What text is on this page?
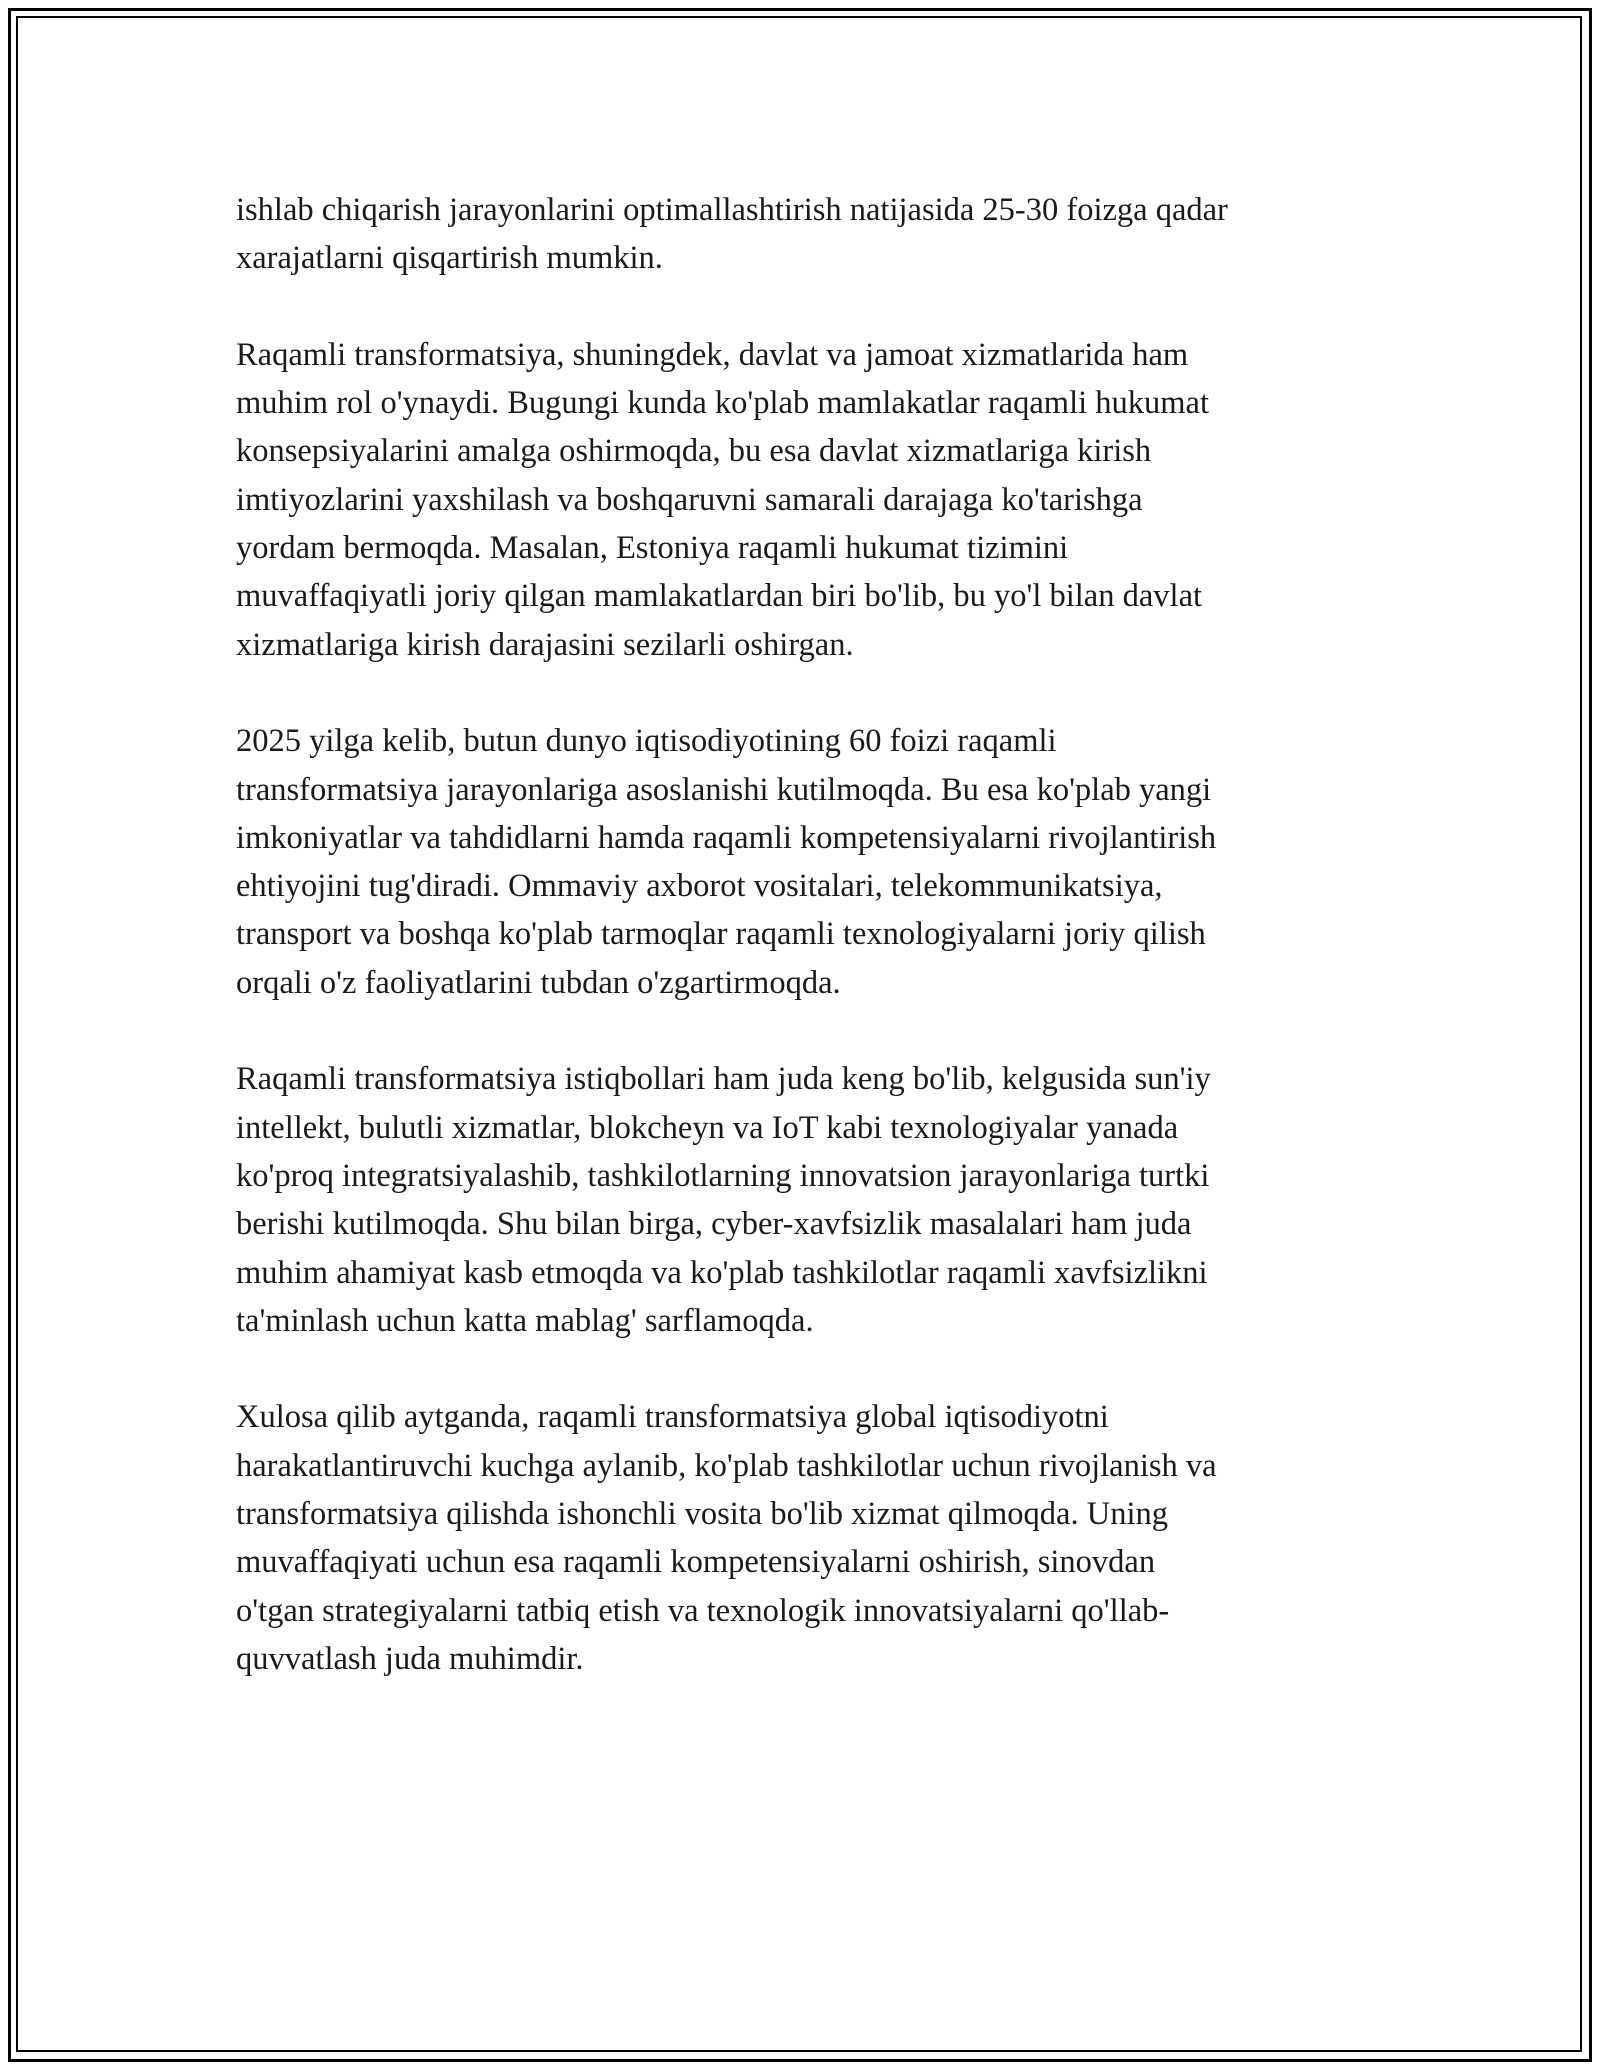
ishlab chiqarish jarayonlarini optimallashtirish natijasida 25-30 foizga qadar
xarajatlarni qisqartirish mumkin.

Raqamli transformatsiya, shuningdek, davlat va jamoat xizmatlarida ham
muhim rol o'ynaydi. Bugungi kunda ko'plab mamlakatlar raqamli hukumat
konsepsiyalarini amalga oshirmoqda, bu esa davlat xizmatlariga kirish
imtiyozlarini yaxshilash va boshqaruvni samarali darajaga ko'tarishga
yordam bermoqda. Masalan, Estoniya raqamli hukumat tizimini
muvaffaqiyatli joriy qilgan mamlakatlardan biri bo'lib, bu yo'l bilan davlat
xizmatlariga kirish darajasini sezilarli oshirgan.

2025 yilga kelib, butun dunyo iqtisodiyotining 60 foizi raqamli
transformatsiya jarayonlariga asoslanishi kutilmoqda. Bu esa ko'plab yangi
imkoniyatlar va tahdidlarni hamda raqamli kompetensiyalarni rivojlantirish
ehtiyojini tug'diradi. Ommaviy axborot vositalari, telekommunikatsiya,
transport va boshqa ko'plab tarmoqlar raqamli texnologiyalarni joriy qilish
orqali o'z faoliyatlarini tubdan o'zgartirmoqda.

Raqamli transformatsiya istiqbollari ham juda keng bo'lib, kelgusida sun'iy
intellekt, bulutli xizmatlar, blokcheyn va IoT kabi texnologiyalar yanada
ko'proq integratsiyalashib, tashkilotlarning innovatsion jarayonlariga turtki
berishi kutilmoqda. Shu bilan birga, cyber-xavfsizlik masalalari ham juda
muhim ahamiyat kasb etmoqda va ko'plab tashkilotlar raqamli xavfsizlikni
ta'minlash uchun katta mablag' sarflamoqda.

Xulosa qilib aytganda, raqamli transformatsiya global iqtisodiyotni
harakatlantiruvchi kuchga aylanib, ko'plab tashkilotlar uchun rivojlanish va
transformatsiya qilishda ishonchli vosita bo'lib xizmat qilmoqda. Uning
muvaffaqiyati uchun esa raqamli kompetensiyalarni oshirish, sinovdan
o'tgan strategiyalarni tatbiq etish va texnologik innovatsiyalarni qo'llab-
quvvatlash juda muhimdir.
